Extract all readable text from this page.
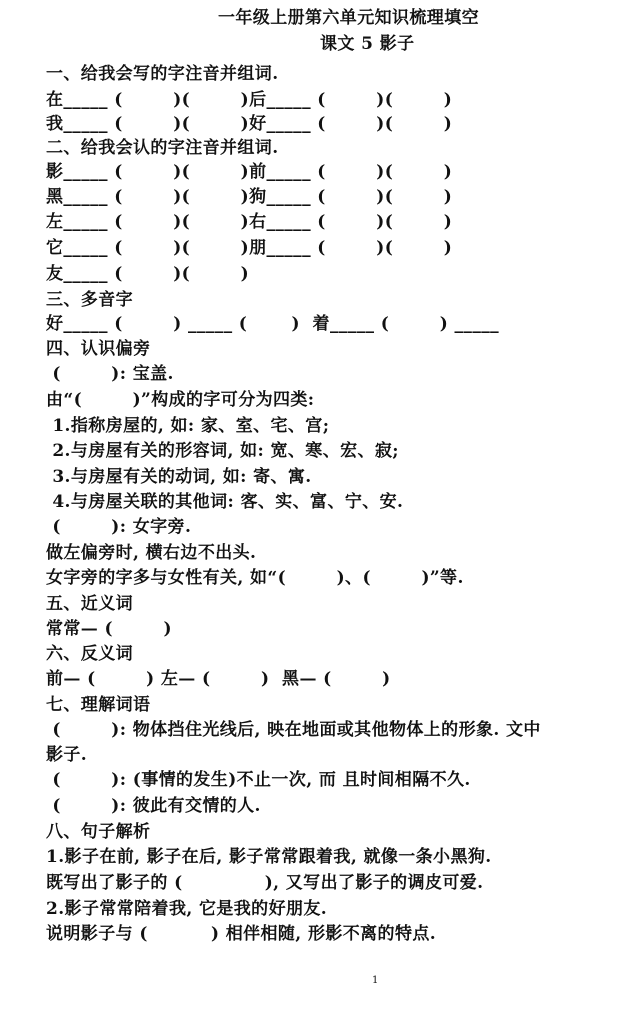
一年级上册第六单元知识梳理填空
课文 5 影子
一、给我会写的字注音并组词.
在_____ (        )(        )后_____ (        )(        )
我_____ (        )(        )好_____ (        )(        )
二、给我会认的字注音并组词.
影_____ (        )(        )前_____ (        )(        )
黑_____ (        )(        )狗_____ (        )(        )
左_____ (        )(        )右_____ (        )(        )
它_____ (        )(        )朋_____ (        )(        )
友_____ (        )(        )
三、多音字
好_____ (        ) _____ (       )  着_____ (        ) _____
四、认识偏旁
(        ): 宝盖.
由“(        )”构成的字可分为四类:
1.指称房屋的, 如: 家、室、宅、宫;
2.与房屋有关的形容词, 如: 宽、寒、宏、寂;
3.与房屋有关的动词, 如: 寄、寓.
4.与房屋关联的其他词: 客、实、富、宁、安.
(        ): 女字旁.
做左偏旁时, 横右边不出头.
女字旁的字多与女性有关, 如“(        )、(        )”等.
五、近义词
常常— (        )
六、反义词
前— (        ) 左— (        )  黑— (        )
七、理解词语
(        ): 物体挡住光线后, 映在地面或其他物体上的形象. 文中
影子.
(        ): (事情的发生)不止一次, 而 且时间相隔不久.
(        ): 彼此有交情的人.
八、句子解析
1.影子在前, 影子在后, 影子常常跟着我, 就像一条小黑狗.
既写出了影子的 (             ), 又写出了影子的调皮可爱.
2.影子常常陪着我, 它是我的好朋友.
说明影子与 (          ) 相伴相随, 形影不离的特点.
1
